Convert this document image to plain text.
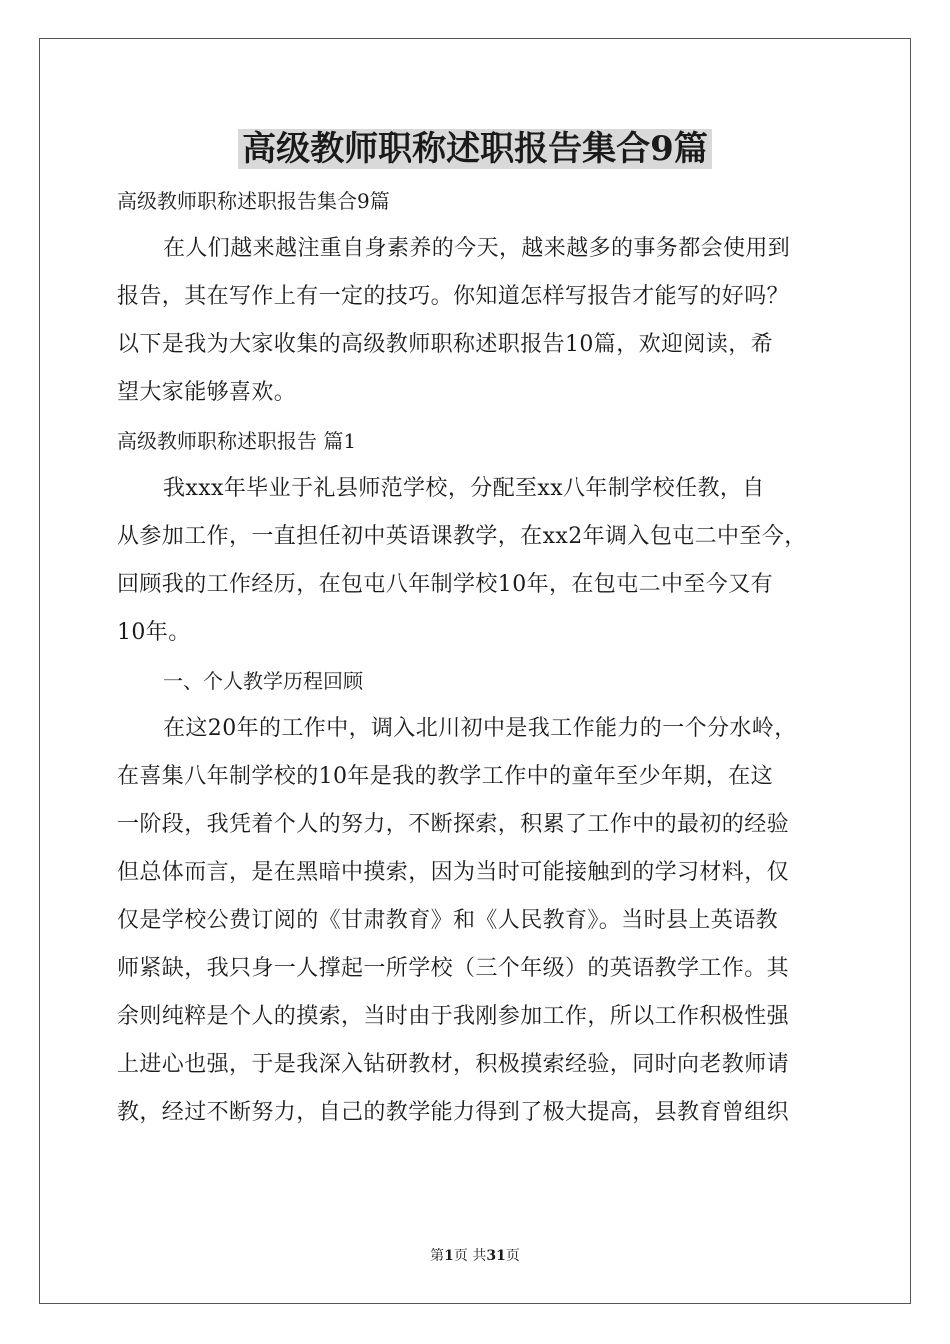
高级教师职称述职报告集合9篇
高级教师职称述职报告集合9篇
在人们越来越注重自身素养的今天，越来越多的事务都会使用到
报告，其在写作上有一定的技巧。你知道怎样写报告才能写的好吗？
以下是我为大家收集的高级教师职称述职报告10篇，欢迎阅读，希
望大家能够喜欢。
高级教师职称述职报告 篇1
我xxx年毕业于礼县师范学校，分配至xx八年制学校任教，自
从参加工作，一直担任初中英语课教学，在xx2年调入包屯二中至今，
回顾我的工作经历，在包屯八年制学校10年，在包屯二中至今又有
10年。
一、个人教学历程回顾
在这20年的工作中，调入北川初中是我工作能力的一个分水岭，
在喜集八年制学校的10年是我的教学工作中的童年至少年期，在这
一阶段，我凭着个人的努力，不断探索，积累了工作中的最初的经验
但总体而言，是在黑暗中摸索，因为当时可能接触到的学习材料，仅
仅是学校公费订阅的《甘肃教育》和《人民教育》。当时县上英语教
师紧缺，我只身一人撑起一所学校（三个年级）的英语教学工作。其
余则纯粹是个人的摸索，当时由于我刚参加工作，所以工作积极性强
上进心也强，于是我深入钻研教材，积极摸索经验，同时向老教师请
教，经过不断努力，自己的教学能力得到了极大提高，县教育曾组织
第1页 共31页
